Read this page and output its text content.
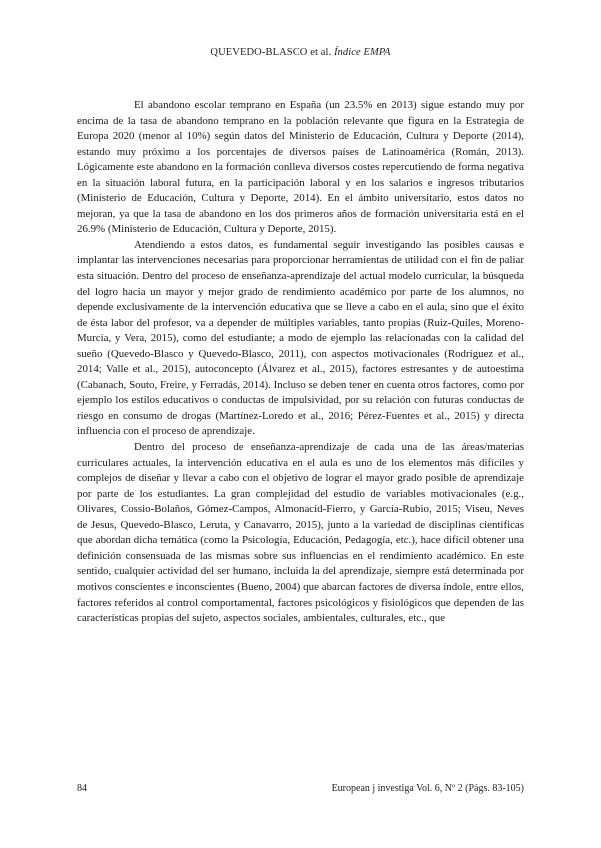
QUEVEDO-BLASCO et al. Índice EMPA

El abandono escolar temprano en España (un 23.5% en 2013) sigue estando muy por encima de la tasa de abandono temprano en la población relevante que figura en la Estrategia de Europa 2020 (menor al 10%) según datos del Ministerio de Educación, Cultura y Deporte (2014), estando muy próximo a los porcentajes de diversos países de Latinoamérica (Román, 2013). Lógicamente este abandono en la formación conlleva diversos costes repercutiendo de forma negativa en la situación laboral futura, en la participación laboral y en los salarios e ingresos tributarios (Ministerio de Educación, Cultura y Deporte, 2014). En el ámbito universitario, estos datos no mejoran, ya que la tasa de abandono en los dos primeros años de formación universitaria está en el 26.9% (Ministerio de Educación, Cultura y Deporte, 2015).

Atendiendo a estos datos, es fundamental seguir investigando las posibles causas e implantar las intervenciones necesarias para proporcionar herramientas de utilidad con el fin de paliar esta situación. Dentro del proceso de enseñanza-aprendizaje del actual modelo curricular, la búsqueda del logro hacia un mayor y mejor grado de rendimiento académico por parte de los alumnos, no depende exclusivamente de la intervención educativa que se lleve a cabo en el aula, sino que el éxito de ésta labor del profesor, va a depender de múltiples variables, tanto propias (Ruiz-Quiles, Moreno-Murcia, y Vera, 2015), como del estudiante; a modo de ejemplo las relacionadas con la calidad del sueño (Quevedo-Blasco y Quevedo-Blasco, 2011), con aspectos motivacionales (Rodríguez et al., 2014; Valle et al., 2015), autoconcepto (Álvarez et al., 2015), factores estresantes y de autoestima (Cabanach, Souto, Freire, y Ferradás, 2014). Incluso se deben tener en cuenta otros factores, como por ejemplo los estilos educativos o conductas de impulsividad, por su relación con futuras conductas de riesgo en consumo de drogas (Martínez-Loredo et al., 2016; Pérez-Fuentes et al., 2015) y directa influencia con el proceso de aprendizaje.

Dentro del proceso de enseñanza-aprendizaje de cada una de las áreas/materias curriculares actuales, la intervención educativa en el aula es uno de los elementos más difíciles y complejos de diseñar y llevar a cabo con el objetivo de lograr el mayor grado posible de aprendizaje por parte de los estudiantes. La gran complejidad del estudio de variables motivacionales (e.g., Olivares, Cossio-Bolaños, Gómez-Campos, Almonacid-Fierro, y García-Rubio, 2015; Viseu, Neves de Jesus, Quevedo-Blasco, Leruta, y Canavarro, 2015), junto a la variedad de disciplinas científicas que abordan dicha temática (como la Psicología, Educación, Pedagogía, etc.), hace difícil obtener una definición consensuada de las mismas sobre sus influencias en el rendimiento académico. En este sentido, cualquier actividad del ser humano, incluida la del aprendizaje, siempre está determinada por motivos conscientes e inconscientes (Bueno, 2004) que abarcan factores de diversa índole, entre ellos, factores referidos al control comportamental, factores psicológicos y fisiológicos que dependen de las características propias del sujeto, aspectos sociales, ambientales, culturales, etc., que

84	European j investiga Vol. 6, Nº 2 (Págs. 83-105)
